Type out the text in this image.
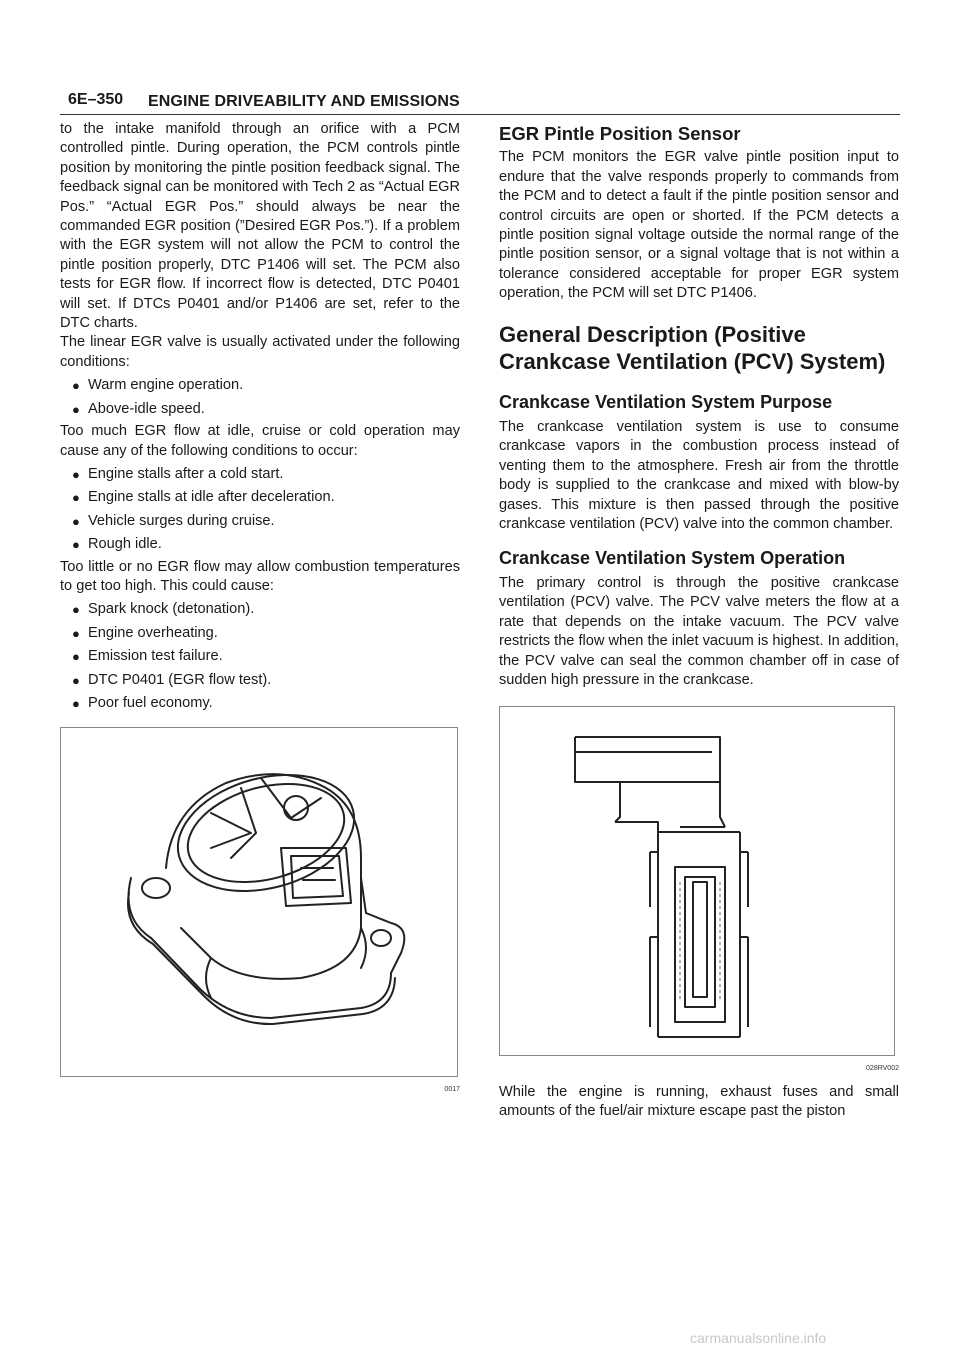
6E–350 ENGINE DRIVEABILITY AND EMISSIONS

to the intake manifold through an orifice with a PCM controlled pintle. During operation, the PCM controls pintle position by monitoring the pintle position feedback signal. The feedback signal can be monitored with Tech 2 as “Actual EGR Pos.” “Actual EGR Pos.” should always be near the commanded EGR position (”Desired EGR Pos.”). If a problem with the EGR system will not allow the PCM to control the pintle position properly, DTC P1406 will set. The PCM also tests for EGR flow. If incorrect flow is detected, DTC P0401 will set. If DTCs P0401 and/or P1406 are set, refer to the DTC charts.

The linear EGR valve is usually activated under the following conditions:

● Warm engine operation.
● Above-idle speed.

Too much EGR flow at idle, cruise or cold operation may cause any of the following conditions to occur:

● Engine stalls after a cold start.
● Engine stalls at idle after deceleration.
● Vehicle surges during cruise.
● Rough idle.

Too little or no EGR flow may allow combustion temperatures to get too high. This could cause:

● Spark knock (detonation).
● Engine overheating.
● Emission test failure.
● DTC P0401 (EGR flow test).
● Poor fuel economy.
0017
EGR Pintle Position Sensor

The PCM monitors the EGR valve pintle position input to endure that the valve responds properly to commands from the PCM and to detect a fault if the pintle position sensor and control circuits are open or shorted. If the PCM detects a pintle position signal voltage outside the normal range of the pintle position sensor, or a signal voltage that is not within a tolerance considered acceptable for proper EGR system operation, the PCM will set DTC P1406.

General Description (Positive Crankcase Ventilation (PCV) System)
Crankcase Ventilation System Purpose

The crankcase ventilation system is use to consume crankcase vapors in the combustion process instead of venting them to the atmosphere. Fresh air from the throttle body is supplied to the crankcase and mixed with blow-by gases. This mixture is then passed through the positive crankcase ventilation (PCV) valve into the common chamber.

Crankcase Ventilation System Operation

The primary control is through the positive crankcase ventilation (PCV) valve. The PCV valve meters the flow at a rate that depends on the intake vacuum. The PCV valve restricts the flow when the inlet vacuum is highest. In addition, the PCV valve can seal the common chamber off in case of sudden high pressure in the crankcase.

028RV002

While the engine is running, exhaust fuses and small amounts of the fuel/air mixture escape past the piston

carmanualsonline.info
